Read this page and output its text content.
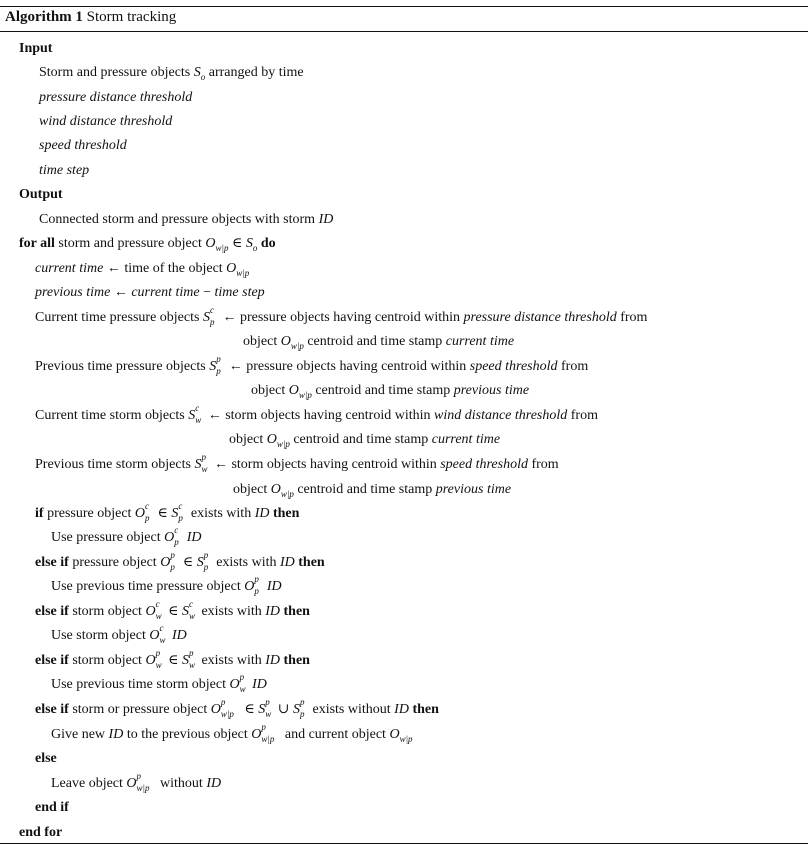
Algorithm 1 Storm tracking
Input
Storm and pressure objects $S_o$ arranged by time
pressure distance threshold
wind distance threshold
speed threshold
time step
Output
Connected storm and pressure objects with storm ID
for all storm and pressure object $O_{w|p}$ ∈ $S_o$ do
current time ← time of the object $O_{w|p}$
previous time ← current time − time step
Current time pressure objects S c
p ← pressure objects having centroid within pressure distance threshold from
object $O_{w|p}$ centroid and time stamp current time
Previous time pressure objects S p
p ← pressure objects having centroid within speed threshold from
object $O_{w|p}$ centroid and time stamp previous time
Current time storm objects S c
w ← storm objects having centroid within wind distance threshold from
object $O_{w|p}$ centroid and time stamp current time
Previous time storm objects S p
w ← storm objects having centroid within speed threshold from
object $O_{w|p}$ centroid and time stamp previous time
if pressure object O c
p ∈ S c
p exists with ID then
Use pressure object O c
p ID
else if pressure object O p
p ∈ S p
p exists with ID then
Use previous time pressure object O p
p ID
else if storm object O c
w ∈ S c
w exists with ID then
Use storm object O c
w ID
else if storm object O p
w ∈ S p
w exists with ID then
Use previous time storm object O p
w ID
else if storm or pressure object O p
w|p ∈ S p
w ∪ S p
p exists without ID then
Give new ID to the previous object O p
w|p and current object $O_{w|p}$
else
Leave object O p
w|p without ID
end if
end for
